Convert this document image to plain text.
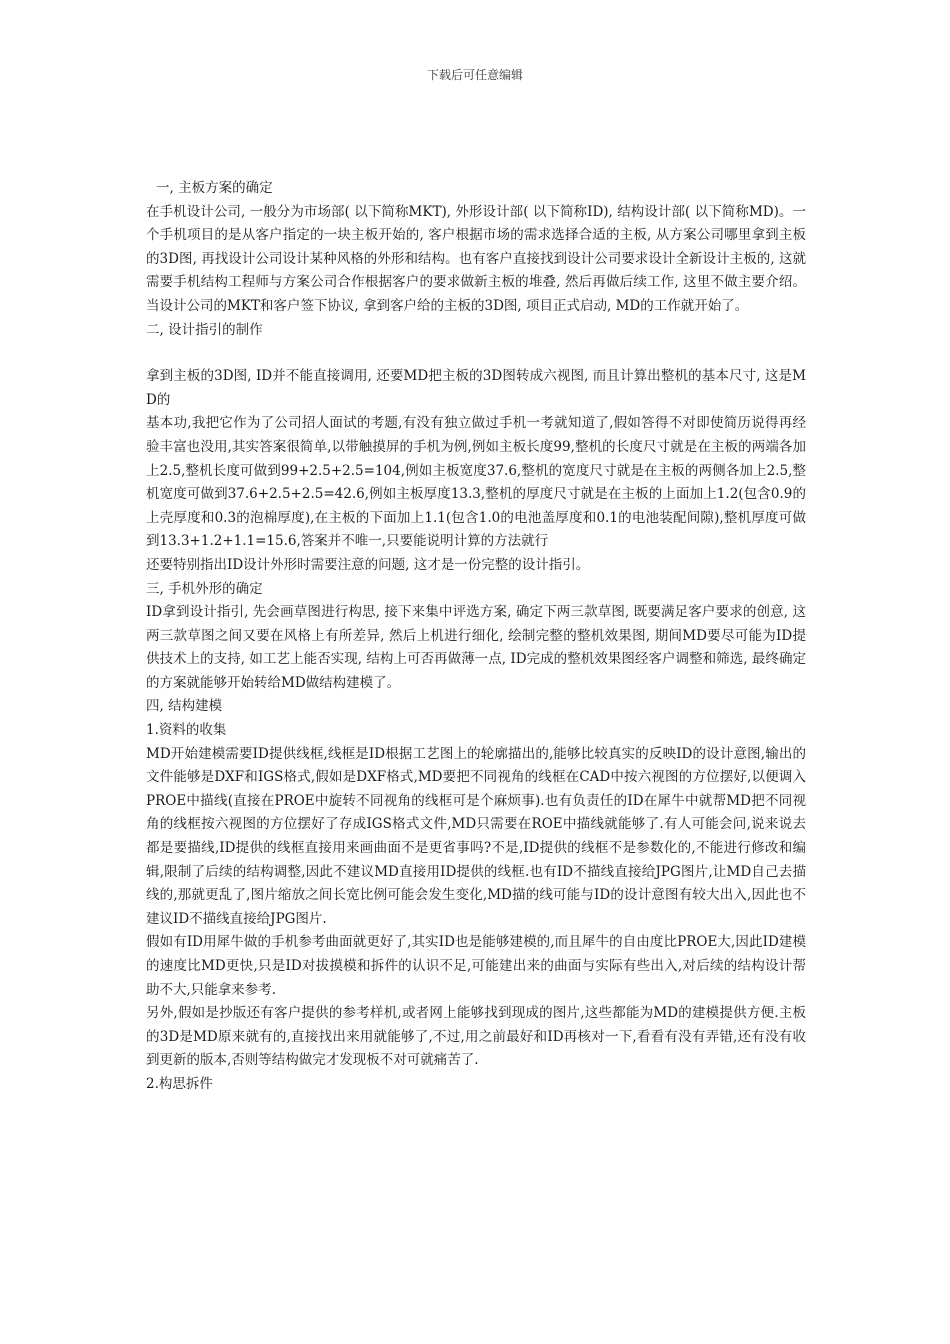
下载后可任意编辑

一, 主板方案的确定

在手机设计公司, 一般分为市场部( 以下简称MKT), 外形设计部( 以下简称ID), 结构设计部( 以下简称MD)。一个手机项目的是从客户指定的一块主板开始的, 客户根据市场的需求选择合适的主板, 从方案公司哪里拿到主板的3D图, 再找设计公司设计某种风格的外形和结构。也有客户直接找到设计公司要求设计全新设计主板的, 这就需要手机结构工程师与方案公司合作根据客户的要求做新主板的堆叠, 然后再做后续工作, 这里不做主要介绍。当设计公司的MKT和客户签下协议, 拿到客户给的主板的3D图, 项目正式启动, MD的工作就开始了。

二, 设计指引的制作

拿到主板的3D图, ID并不能直接调用, 还要MD把主板的3D图转成六视图, 而且计算出整机的基本尺寸, 这是MD的

基本功,我把它作为了公司招人面试的考题,有没有独立做过手机一考就知道了,假如答得不对即使简历说得再经验丰富也没用,其实答案很简单,以带触摸屏的手机为例,例如主板长度99,整机的长度尺寸就是在主板的两端各加上2.5,整机长度可做到99+2.5+2.5=104,例如主板宽度37.6,整机的宽度尺寸就是在主板的两侧各加上2.5,整机宽度可做到37.6+2.5+2.5=42.6,例如主板厚度13.3,整机的厚度尺寸就是在主板的上面加上1.2(包含0.9的上壳厚度和0.3的泡棉厚度),在主板的下面加上1.1(包含1.0的电池盖厚度和0.1的电池装配间隙),整机厚度可做到13.3+1.2+1.1=15.6,答案并不唯一,只要能说明计算的方法就行

还要特别指出ID设计外形时需要注意的问题, 这才是一份完整的设计指引。

三, 手机外形的确定

ID拿到设计指引, 先会画草图进行构思, 接下来集中评选方案, 确定下两三款草图, 既要满足客户要求的创意, 这两三款草图之间又要在风格上有所差异, 然后上机进行细化, 绘制完整的整机效果图, 期间MD要尽可能为ID提供技术上的支持, 如工艺上能否实现, 结构上可否再做薄一点, ID完成的整机效果图经客户调整和筛选, 最终确定的方案就能够开始转给MD做结构建模了。

四, 结构建模

1.资料的收集

MD开始建模需要ID提供线框,线框是ID根据工艺图上的轮廓描出的,能够比较真实的反映ID的设计意图,输出的文件能够是DXF和IGS格式,假如是DXF格式,MD要把不同视角的线框在CAD中按六视图的方位摆好,以便调入PROE中描线(直接在PROE中旋转不同视角的线框可是个麻烦事).也有负责任的ID在犀牛中就帮MD把不同视角的线框按六视图的方位摆好了存成IGS格式文件,MD只需要在ROE中描线就能够了.有人可能会问,说来说去都是要描线,ID提供的线框直接用来画曲面不是更省事吗?不是,ID提供的线框不是参数化的,不能进行修改和编辑,限制了后续的结构调整,因此不建议MD直接用ID提供的线框.也有ID不描线直接给JPG图片,让MD自己去描线的,那就更乱了,图片缩放之间长宽比例可能会发生变化,MD描的线可能与ID的设计意图有较大出入,因此也不建议ID不描线直接给JPG图片.

假如有ID用犀牛做的手机参考曲面就更好了,其实ID也是能够建模的,而且犀牛的自由度比PROE大,因此ID建模的速度比MD更快,只是ID对拔摸模和拆件的认识不足,可能建出来的曲面与实际有些出入,对后续的结构设计帮助不大,只能拿来参考.

另外,假如是抄版还有客户提供的参考样机,或者网上能够找到现成的图片,这些都能为MD的建模提供方便.主板的3D是MD原来就有的,直接找出来用就能够了,不过,用之前最好和ID再核对一下,看看有没有弄错,还有没有收到更新的版本,否则等结构做完才发现板不对可就痛苦了.

2.构思拆件
